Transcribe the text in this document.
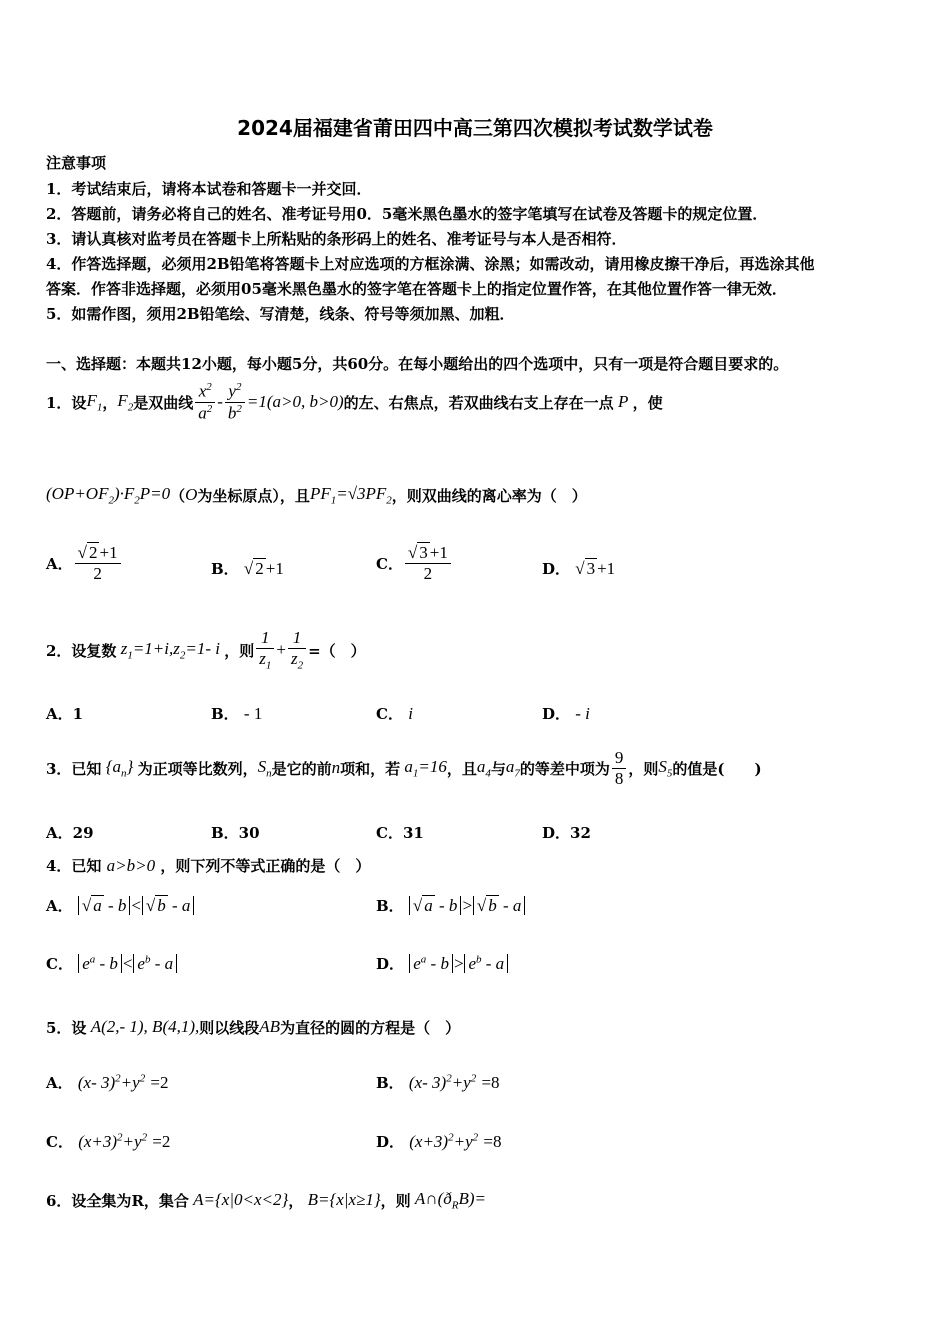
2024届福建省莆田四中高三第四次模拟考试数学试卷
注意事项
1．考试结束后，请将本试卷和答题卡一并交回．
2．答题前，请务必将自己的姓名、准考证号用0．5毫米黑色墨水的签字笔填写在试卷及答题卡的规定位置．
3．请认真核对监考员在答题卡上所粘贴的条形码上的姓名、准考证号与本人是否相符．
4．作答选择题，必须用2B铅笔将答题卡上对应选项的方框涂满、涂黑；如需改动，请用橡皮擦干净后，再选涂其他
答案．作答非选择题，必须用05毫米黑色墨水的签字笔在答题卡上的指定位置作答，在其他位置作答一律无效．
5．如需作图，须用2B铅笔绘、写清楚，线条、符号等须加黑、加粗．
一、选择题：本题共12小题，每小题5分，共60分。在每小题给出的四个选项中，只有一项是符合题目要求的。
1．设 $F_1$ ， $F_2$ 是双曲线 $\frac{x^2}{a^2} - \frac{y^2}{b^2} =1(a>0$, b>0) 的左、右焦点，若双曲线右支上存在一点 P ，使
$(OP+OF_2)\cdot F_2P=0$ （ O 为坐标原点），且 $PF_1=√3PF_2$ ，则双曲线的离心率为（　）
A． $\frac{√ 2 +1}{2}$	B． √ 2 +1	C． $\frac{√ 3 +1}{2}$	D． √ 3 +1
2．设复数 $z_1=1+i,z_2=1-$ i ，则 $\frac{1}{z_1} + \frac{1}{z_2}$ =（　）
A．1	B． - 1	C． i	D． - i
3．已知 $\{a_n\}$ 为正项等比数列， $S_n$ 是它的前 n 项和，若 $a_1=16$ ，且 $a_4$ 与 $a_7$ 的等差中项为 $\frac{9}{8}$ ，则 $S_5$ 的值是(　　)
A．29	B．30	C．31	D．32
4．已知 a>b>0 ，则下列不等式正确的是（　）
A． √ a - b < √ b - a	B． √ a - b > √ b - a
C． $e^a - b < e^b - a$	D． $e^a - b > e^b - a$
5．设 A(2,- 1), B(4,1), 则以线段 AB 为直径的圆的方程是（　）
A． (x- $3)^2+y^2 =2$	B． (x- $3)^2+y^2 =8$
C． $(x+3)^2+y^2 =2$	D． $(x+3)^2+y^2 =8$
6．设全集为R，集合 A={x|0<x<2} ， B={x|x≥1} ，则 $A\cap(ð_RB)=$
